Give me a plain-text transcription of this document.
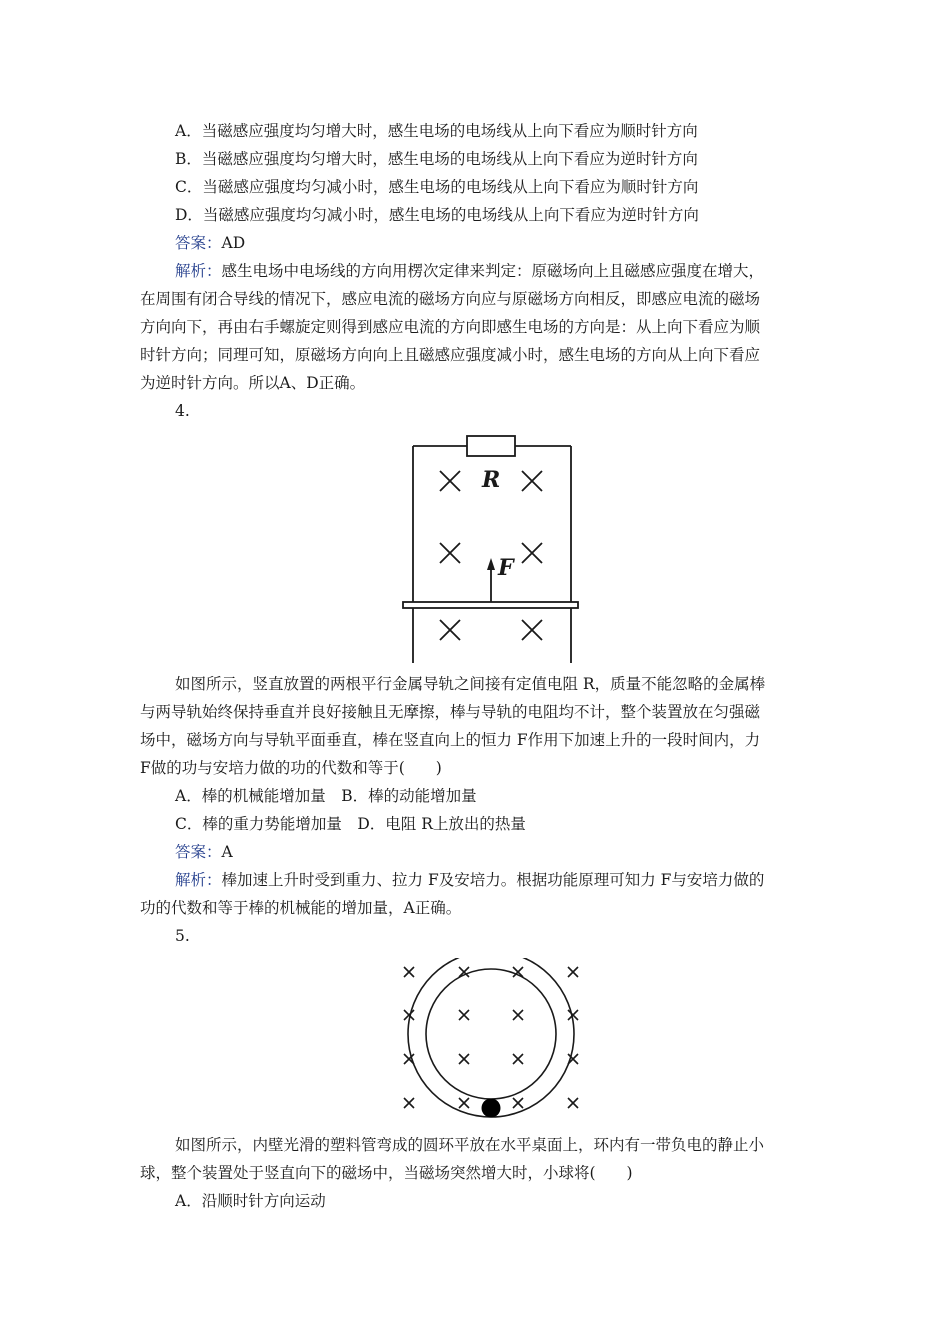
A．当磁感应强度均匀增大时，感生电场的电场线从上向下看应为顺时针方向
B．当磁感应强度均匀增大时，感生电场的电场线从上向下看应为逆时针方向
C．当磁感应强度均匀减小时，感生电场的电场线从上向下看应为顺时针方向
D．当磁感应强度均匀减小时，感生电场的电场线从上向下看应为逆时针方向
答案：AD
解析：感生电场中电场线的方向用楞次定律来判定：原磁场向上且磁感应强度在增大，
在周围有闭合导线的情况下，感应电流的磁场方向应与原磁场方向相反，即感应电流的磁场
方向向下，再由右手螺旋定则得到感应电流的方向即感生电场的方向是：从上向下看应为顺
时针方向；同理可知，原磁场方向向上且磁感应强度减小时，感生电场的方向从上向下看应
为逆时针方向。所以A、D正确。
4.
R
F
如图所示，竖直放置的两根平行金属导轨之间接有定值电阻 R，质量不能忽略的金属棒
与两导轨始终保持垂直并良好接触且无摩擦，棒与导轨的电阻均不计，整个装置放在匀强磁
场中，磁场方向与导轨平面垂直，棒在竖直向上的恒力 F作用下加速上升的一段时间内，力
F做的功与安培力做的功的代数和等于(　　)
A．棒的机械能增加量　B．棒的动能增加量
C．棒的重力势能增加量　D．电阻 R上放出的热量
答案：A
解析：棒加速上升时受到重力、拉力 F及安培力。根据功能原理可知力 F与安培力做的
功的代数和等于棒的机械能的增加量，A正确。
5.
如图所示，内壁光滑的塑料管弯成的圆环平放在水平桌面上，环内有一带负电的静止小
球，整个装置处于竖直向下的磁场中，当磁场突然增大时，小球将(　　)
A．沿顺时针方向运动
